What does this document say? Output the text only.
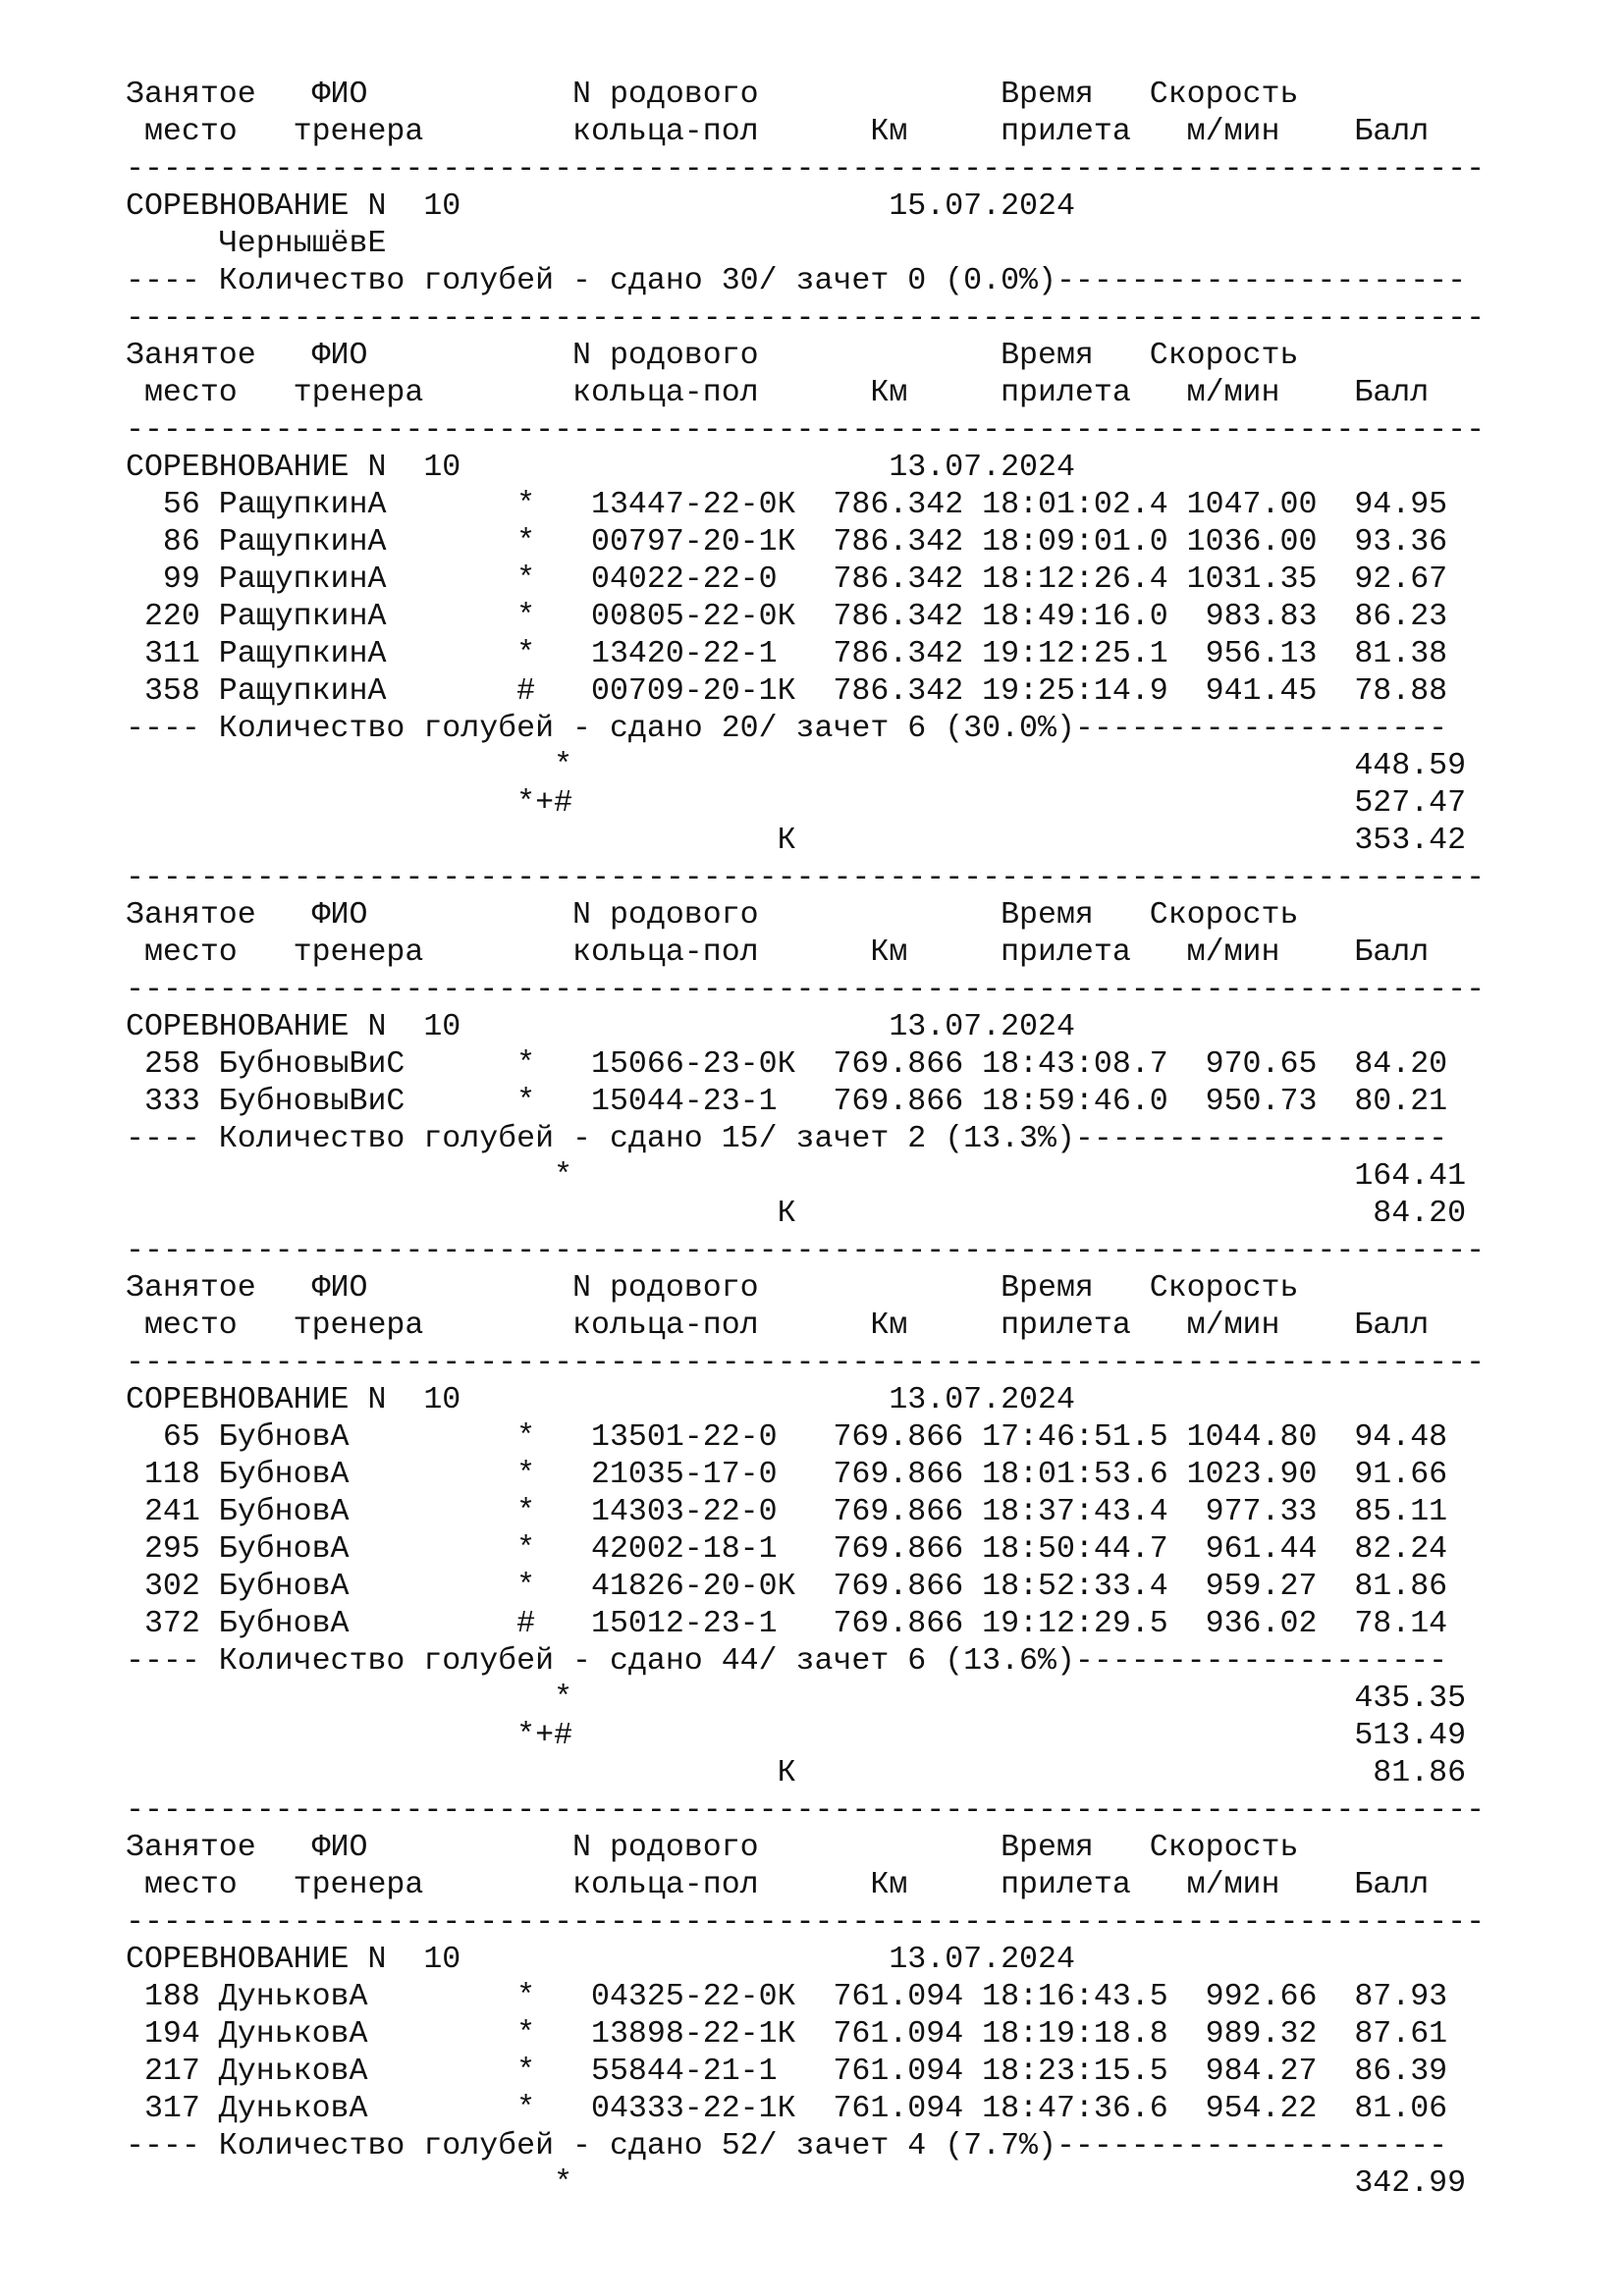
Занятое   ФИО           N родового             Время   Скорость
место   тренера        кольца-пол      Км     прилета   м/мин    Балл
-------------------------------------------------------------------------
СОРЕВНОВАНИЕ N  10                       15.07.2024
ЧернышёвЕ
---- Количество голубей - сдано 30/ зачет 0 (0.0%)----------------------
-------------------------------------------------------------------------
Занятое   ФИО           N родового             Время   Скорость
место   тренера        кольца-пол      Км     прилета   м/мин    Балл
-------------------------------------------------------------------------
СОРЕВНОВАНИЕ N  10                       13.07.2024
56 РащупкинА       *   13447-22-0К  786.342 18:01:02.4 1047.00  94.95
86 РащупкинА       *   00797-20-1К  786.342 18:09:01.0 1036.00  93.36
99 РащупкинА       *   04022-22-0   786.342 18:12:26.4 1031.35  92.67
220 РащупкинА       *   00805-22-0К  786.342 18:49:16.0  983.83  86.23
311 РащупкинА       *   13420-22-1   786.342 19:12:25.1  956.13  81.38
358 РащупкинА       #   00709-20-1К  786.342 19:25:14.9  941.45  78.88
---- Количество голубей - сдано 20/ зачет 6 (30.0%)--------------------
*                                          448.59
*+#                                          527.47
К                              353.42
-------------------------------------------------------------------------
Занятое   ФИО           N родового             Время   Скорость
место   тренера        кольца-пол      Км     прилета   м/мин    Балл
-------------------------------------------------------------------------
СОРЕВНОВАНИЕ N  10                       13.07.2024
258 БубновыВиС      *   15066-23-0К  769.866 18:43:08.7  970.65  84.20
333 БубновыВиС      *   15044-23-1   769.866 18:59:46.0  950.73  80.21
---- Количество голубей - сдано 15/ зачет 2 (13.3%)--------------------
*                                          164.41
К                               84.20
-------------------------------------------------------------------------
Занятое   ФИО           N родового             Время   Скорость
место   тренера        кольца-пол      Км     прилета   м/мин    Балл
-------------------------------------------------------------------------
СОРЕВНОВАНИЕ N  10                       13.07.2024
65 БубновА         *   13501-22-0   769.866 17:46:51.5 1044.80  94.48
118 БубновА         *   21035-17-0   769.866 18:01:53.6 1023.90  91.66
241 БубновА         *   14303-22-0   769.866 18:37:43.4  977.33  85.11
295 БубновА         *   42002-18-1   769.866 18:50:44.7  961.44  82.24
302 БубновА         *   41826-20-0К  769.866 18:52:33.4  959.27  81.86
372 БубновА         #   15012-23-1   769.866 19:12:29.5  936.02  78.14
---- Количество голубей - сдано 44/ зачет 6 (13.6%)--------------------
*                                          435.35
*+#                                          513.49
К                               81.86
-------------------------------------------------------------------------
Занятое   ФИО           N родового             Время   Скорость
место   тренера        кольца-пол      Км     прилета   м/мин    Балл
-------------------------------------------------------------------------
СОРЕВНОВАНИЕ N  10                       13.07.2024
188 ДуньковА        *   04325-22-0К  761.094 18:16:43.5  992.66  87.93
194 ДуньковА        *   13898-22-1К  761.094 18:19:18.8  989.32  87.61
217 ДуньковА        *   55844-21-1   761.094 18:23:15.5  984.27  86.39
317 ДуньковА        *   04333-22-1К  761.094 18:47:36.6  954.22  81.06
---- Количество голубей - сдано 52/ зачет 4 (7.7%)---------------------
*                                          342.99
